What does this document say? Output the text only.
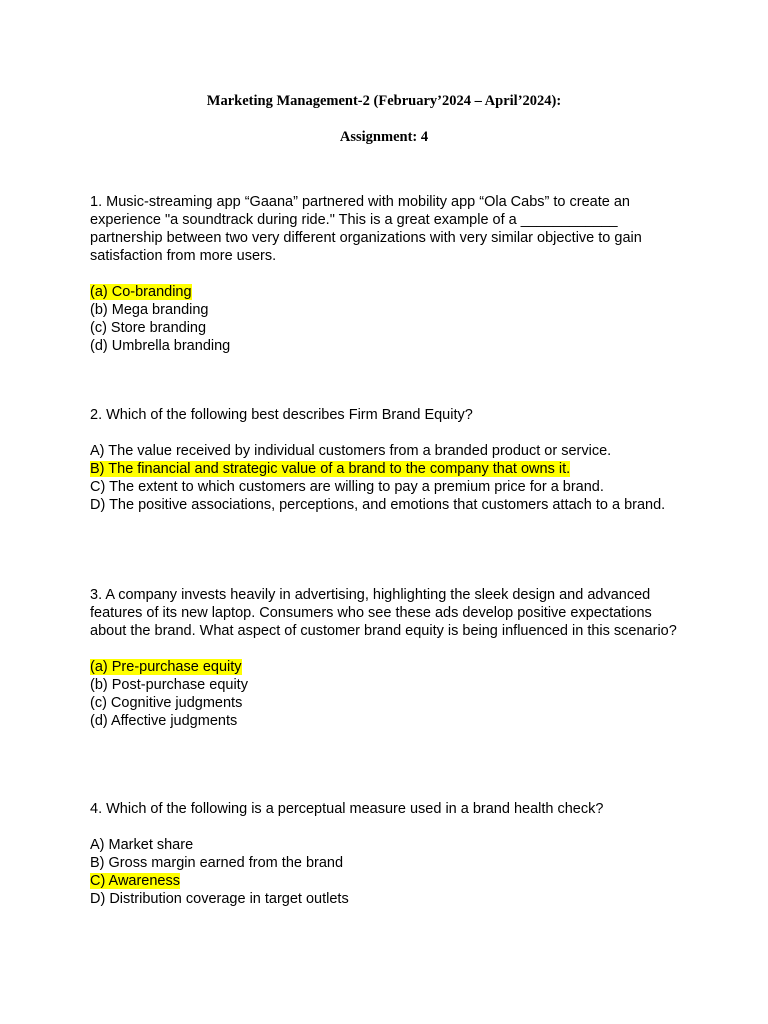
Marketing Management-2 (February’2024 – April’2024):
Assignment: 4

1. Music-streaming app “Gaana” partnered with mobility app “Ola Cabs” to create an experience "a soundtrack during ride." This is a great example of a ____________ partnership between two very different organizations with very similar objective to gain satisfaction from more users.

(a) Co-branding
(b) Mega branding
(c) Store branding
(d) Umbrella branding

2. Which of the following best describes Firm Brand Equity?

A) The value received by individual customers from a branded product or service.
B) The financial and strategic value of a brand to the company that owns it.
C) The extent to which customers are willing to pay a premium price for a brand.
D) The positive associations, perceptions, and emotions that customers attach to a brand.

3. A company invests heavily in advertising, highlighting the sleek design and advanced features of its new laptop. Consumers who see these ads develop positive expectations about the brand. What aspect of customer brand equity is being influenced in this scenario?

(a) Pre-purchase equity
(b) Post-purchase equity
(c) Cognitive judgments
(d) Affective judgments

4. Which of the following is a perceptual measure used in a brand health check?

A) Market share
B) Gross margin earned from the brand
C) Awareness
D) Distribution coverage in target outlets
